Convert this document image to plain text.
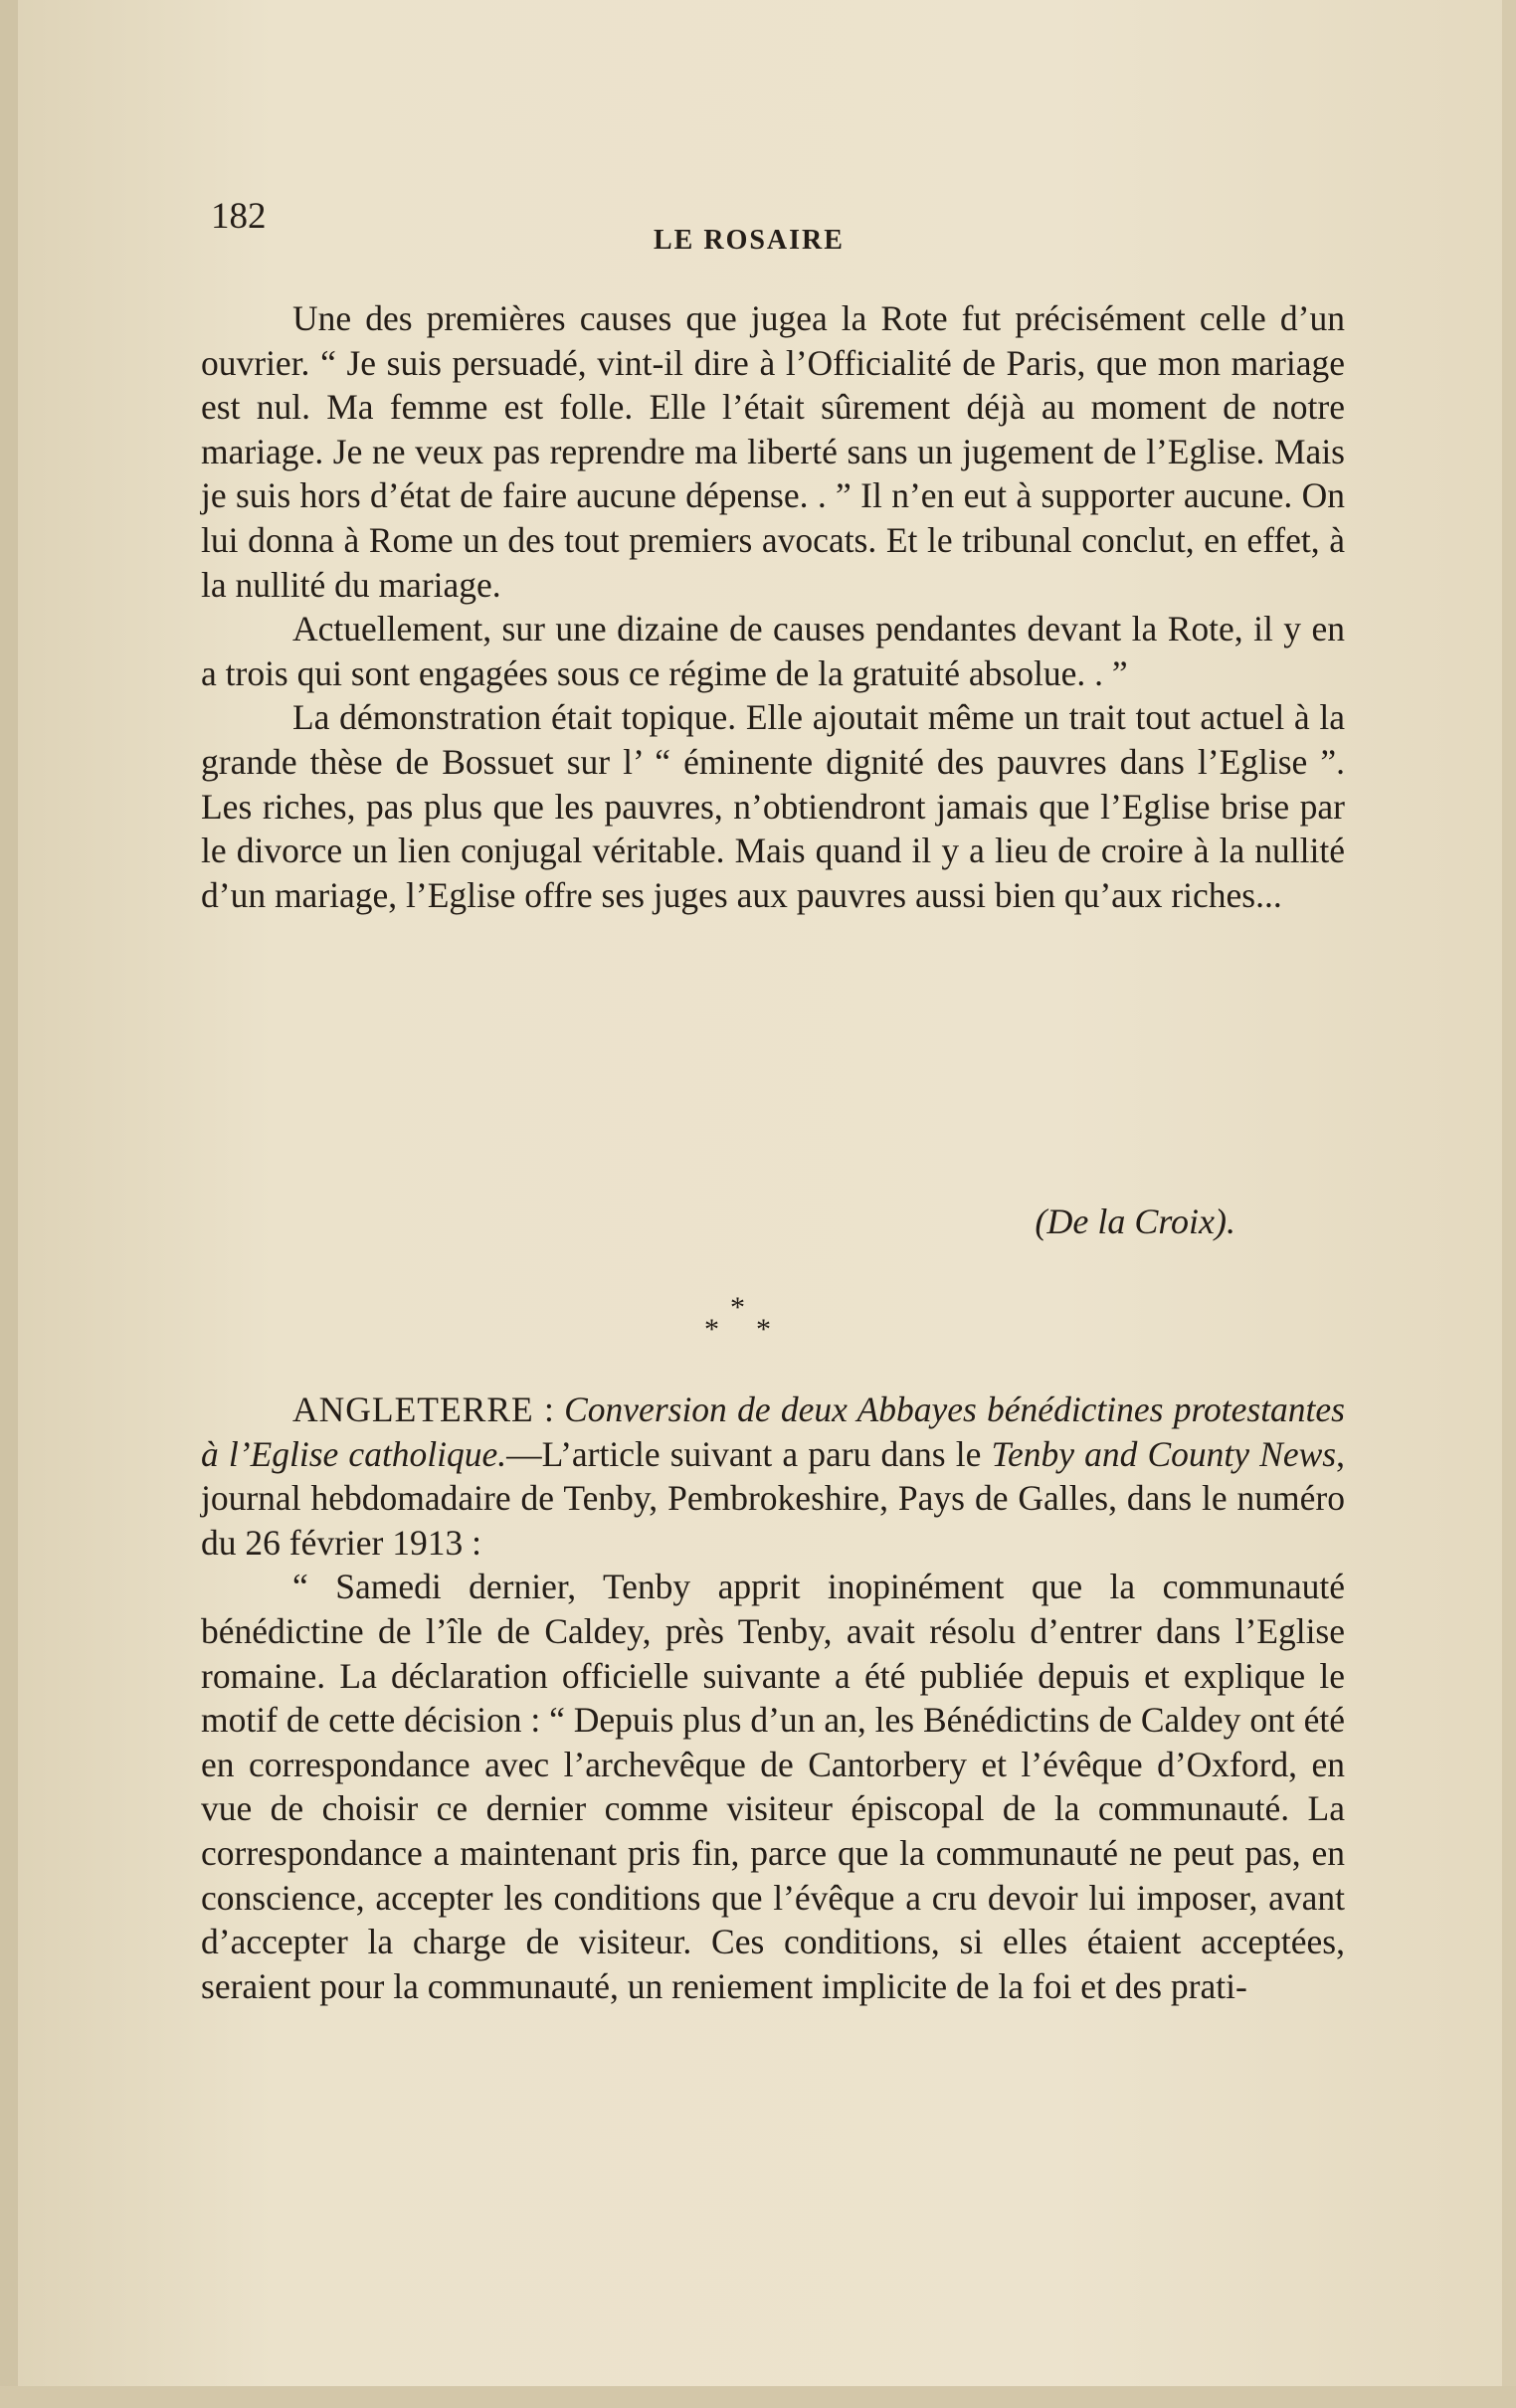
182
LE ROSAIRE

Une des premières causes que jugea la Rote fut précisément celle d’un ouvrier. “ Je suis persuadé, vint-il dire à l’Officialité de Paris, que mon mariage est nul. Ma femme est folle. Elle l’était sûrement déjà au moment de notre mariage. Je ne veux pas reprendre ma liberté sans un jugement de l’Eglise. Mais je suis hors d’état de faire aucune dépense. . ” Il n’en eut à supporter aucune. On lui donna à Rome un des tout premiers avocats. Et le tribunal conclut, en effet, à la nullité du mariage.

Actuellement, sur une dizaine de causes pendantes devant la Rote, il y en a trois qui sont engagées sous ce régime de la gratuité absolue. . ”

La démonstration était topique. Elle ajoutait même un trait tout actuel à la grande thèse de Bossuet sur l’ “ éminente dignité des pauvres dans l’Eglise ”. Les riches, pas plus que les pauvres, n’obtiendront jamais que l’Eglise brise par le divorce un lien conjugal véritable. Mais quand il y a lieu de croire à la nullité d’un mariage, l’Eglise offre ses juges aux pauvres aussi bien qu’aux riches...

(De la Croix).
*
* *

ANGLETERRE : Conversion de deux Abbayes bénédictines protestantes à l’Eglise catholique.—L’article suivant a paru dans le Tenby and County News, journal hebdomadaire de Tenby, Pembrokeshire, Pays de Galles, dans le numéro du 26 février 1913 :

“ Samedi dernier, Tenby apprit inopinément que la communauté bénédictine de l’île de Caldey, près Tenby, avait résolu d’entrer dans l’Eglise romaine. La déclaration officielle suivante a été publiée depuis et explique le motif de cette décision : “ Depuis plus d’un an, les Bénédictins de Caldey ont été en correspondance avec l’archevêque de Cantorbery et l’évêque d’Oxford, en vue de choisir ce dernier comme visiteur épiscopal de la communauté. La correspondance a maintenant pris fin, parce que la communauté ne peut pas, en conscience, accepter les conditions que l’évêque a cru devoir lui imposer, avant d’accepter la charge de visiteur. Ces conditions, si elles étaient acceptées, seraient pour la communauté, un reniement implicite de la foi et des prati-
